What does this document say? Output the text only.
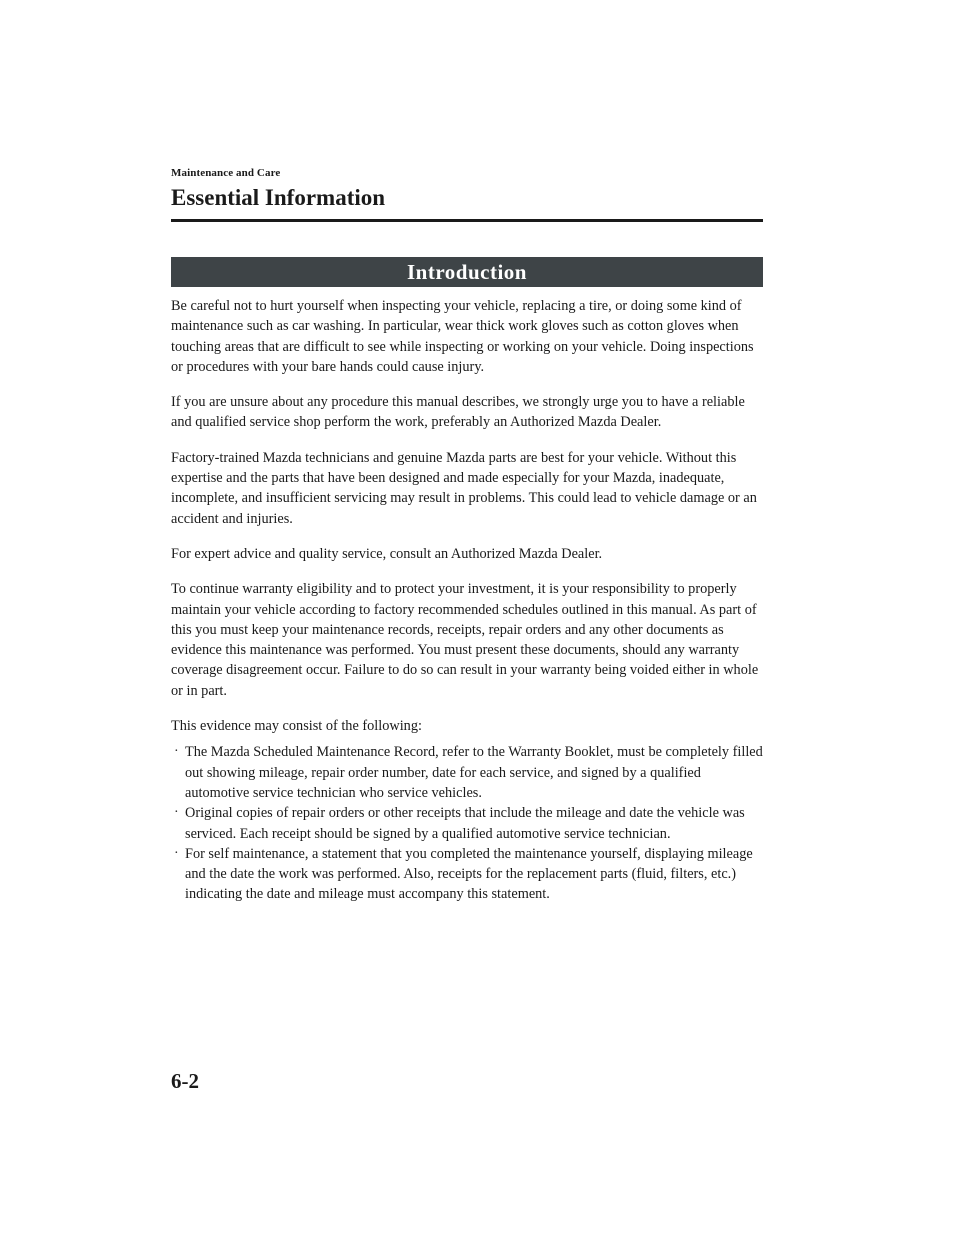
Maintenance and Care
Essential Information
Introduction

Be careful not to hurt yourself when inspecting your vehicle, replacing a tire, or doing some kind of maintenance such as car washing. In particular, wear thick work gloves such as cotton gloves when touching areas that are difficult to see while inspecting or working on your vehicle. Doing inspections or procedures with your bare hands could cause injury.

If you are unsure about any procedure this manual describes, we strongly urge you to have a reliable and qualified service shop perform the work, preferably an Authorized Mazda Dealer.

Factory-trained Mazda technicians and genuine Mazda parts are best for your vehicle. Without this expertise and the parts that have been designed and made especially for your Mazda, inadequate, incomplete, and insufficient servicing may result in problems. This could lead to vehicle damage or an accident and injuries.

For expert advice and quality service, consult an Authorized Mazda Dealer.

To continue warranty eligibility and to protect your investment, it is your responsibility to properly maintain your vehicle according to factory recommended schedules outlined in this manual. As part of this you must keep your maintenance records, receipts, repair orders and any other documents as evidence this maintenance was performed. You must present these documents, should any warranty coverage disagreement occur. Failure to do so can result in your warranty being voided either in whole or in part.

This evidence may consist of the following:

· The Mazda Scheduled Maintenance Record, refer to the Warranty Booklet, must be completely filled out showing mileage, repair order number, date for each service, and signed by a qualified automotive service technician who service vehicles.
· Original copies of repair orders or other receipts that include the mileage and date the vehicle was serviced. Each receipt should be signed by a qualified automotive service technician.
· For self maintenance, a statement that you completed the maintenance yourself, displaying mileage and the date the work was performed. Also, receipts for the replacement parts (fluid, filters, etc.) indicating the date and mileage must accompany this statement.
6-2
